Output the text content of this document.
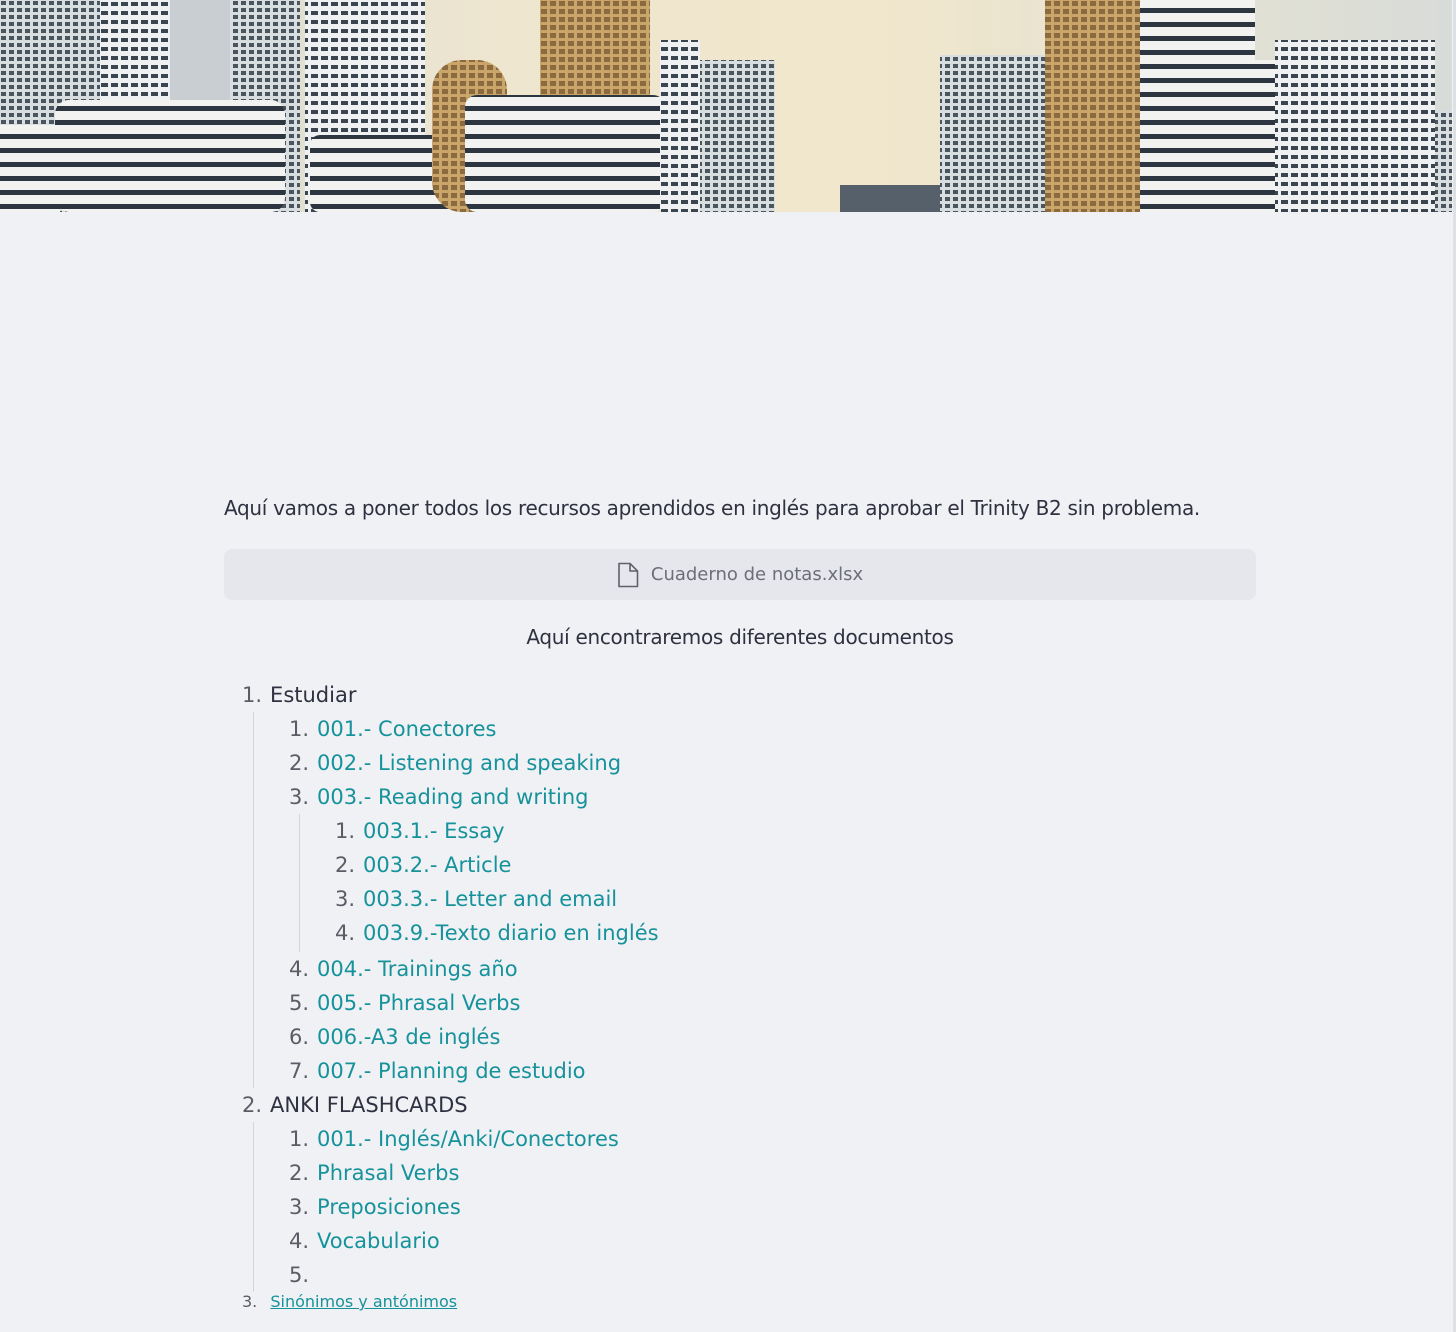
Aquí vamos a poner todos los recursos aprendidos en inglés para aprobar el Trinity B2 sin problema.

Cuaderno de notas.xlsx

Aquí encontraremos diferentes documentos

1. Estudiar
1. 001.- Conectores
2. 002.- Listening and speaking
3. 003.- Reading and writing
1. 003.1.- Essay
2. 003.2.- Article
3. 003.3.- Letter and email
4. 003.9.-Texto diario en inglés
4. 004.- Trainings año
5. 005.- Phrasal Verbs
6. 006.-A3 de inglés
7. 007.- Planning de estudio
2. ANKI FLASHCARDS
1. 001.- Inglés/Anki/Conectores
2. Phrasal Verbs
3. Preposiciones
4. Vocabulario
5.
3. Sinónimos y antónimos
